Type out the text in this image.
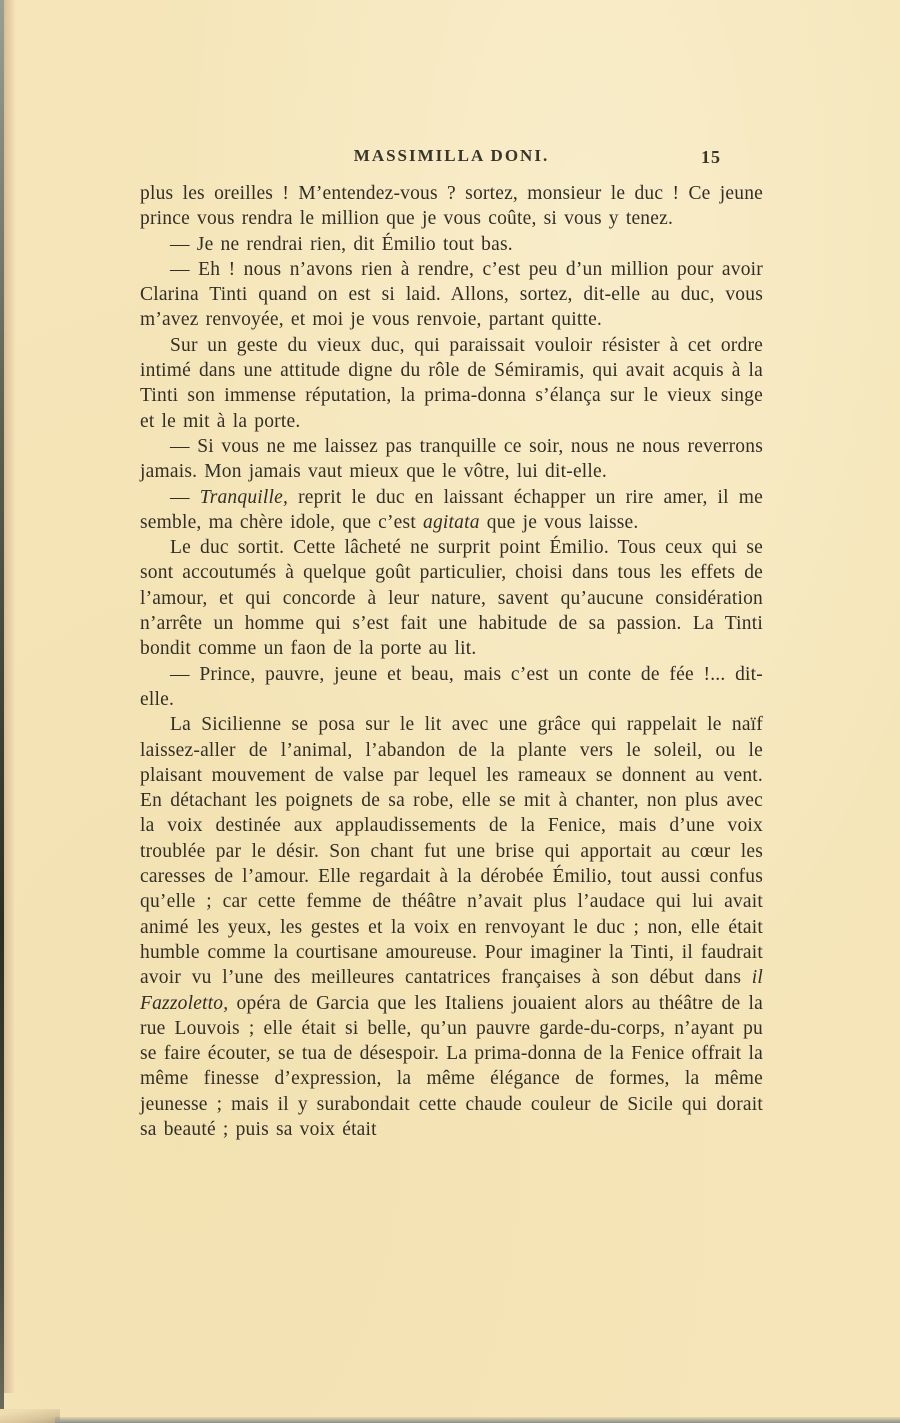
MASSIMILLA DONI.	15

plus les oreilles ! M’entendez-vous ? sortez, monsieur le duc ! Ce jeune prince vous rendra le million que je vous coûte, si vous y tenez.

— Je ne rendrai rien, dit Émilio tout bas.

— Eh ! nous n’avons rien à rendre, c’est peu d’un million pour avoir Clarina Tinti quand on est si laid. Allons, sortez, dit-elle au duc, vous m’avez renvoyée, et moi je vous renvoie, partant quitte.

Sur un geste du vieux duc, qui paraissait vouloir résister à cet ordre intimé dans une attitude digne du rôle de Sémiramis, qui avait acquis à la Tinti son immense réputation, la prima-donna s’élança sur le vieux singe et le mit à la porte.

— Si vous ne me laissez pas tranquille ce soir, nous ne nous reverrons jamais. Mon jamais vaut mieux que le vôtre, lui dit-elle.

— Tranquille, reprit le duc en laissant échapper un rire amer, il me semble, ma chère idole, que c’est agitata que je vous laisse.

Le duc sortit. Cette lâcheté ne surprit point Émilio. Tous ceux qui se sont accoutumés à quelque goût particulier, choisi dans tous les effets de l’amour, et qui concorde à leur nature, savent qu’aucune considération n’arrête un homme qui s’est fait une habitude de sa passion. La Tinti bondit comme un faon de la porte au lit.

— Prince, pauvre, jeune et beau, mais c’est un conte de fée !... dit-elle.

La Sicilienne se posa sur le lit avec une grâce qui rappelait le naïf laissez-aller de l’animal, l’abandon de la plante vers le soleil, ou le plaisant mouvement de valse par lequel les rameaux se donnent au vent. En détachant les poignets de sa robe, elle se mit à chanter, non plus avec la voix destinée aux applaudissements de la Fenice, mais d’une voix troublée par le désir. Son chant fut une brise qui apportait au cœur les caresses de l’amour. Elle regardait à la dérobée Émilio, tout aussi confus qu’elle ; car cette femme de théâtre n’avait plus l’audace qui lui avait animé les yeux, les gestes et la voix en renvoyant le duc ; non, elle était humble comme la courtisane amoureuse. Pour imaginer la Tinti, il faudrait avoir vu l’une des meilleures cantatrices françaises à son début dans il Fazzoletto, opéra de Garcia que les Italiens jouaient alors au théâtre de la rue Louvois ; elle était si belle, qu’un pauvre garde-du-corps, n’ayant pu se faire écouter, se tua de désespoir. La prima-donna de la Fenice offrait la même finesse d’expression, la même élégance de formes, la même jeunesse ; mais il y surabondait cette chaude couleur de Sicile qui dorait sa beauté ; puis sa voix était
